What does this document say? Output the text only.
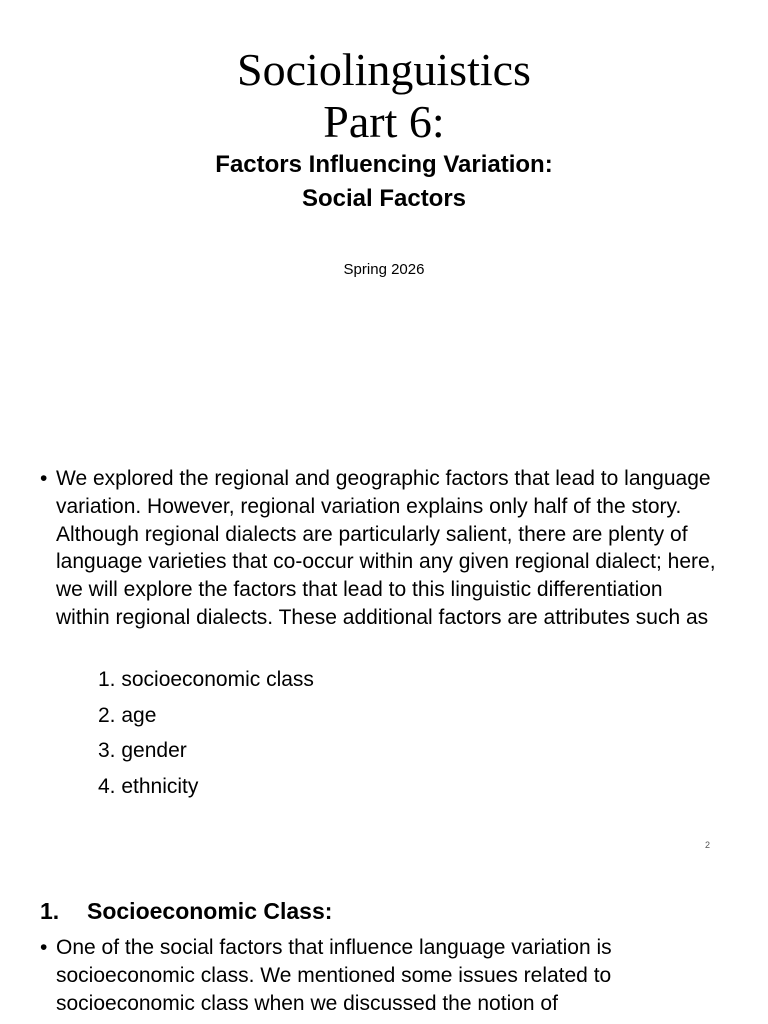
Sociolinguistics
Part 6:
Factors Influencing Variation:
Social Factors
Spring 2026
• We explored the regional and geographic factors that lead to language variation. However, regional variation explains only half of the story. Although regional dialects are particularly salient, there are plenty of language varieties that co-occur within any given regional dialect; here, we will explore the factors that lead to this linguistic differentiation within regional dialects. These additional factors are attributes such as
1. socioeconomic class
2. age
3. gender
4. ethnicity
2
1. Socioeconomic Class:
• One of the social factors that influence language variation is socioeconomic class. We mentioned some issues related to socioeconomic class when we discussed the notion of
